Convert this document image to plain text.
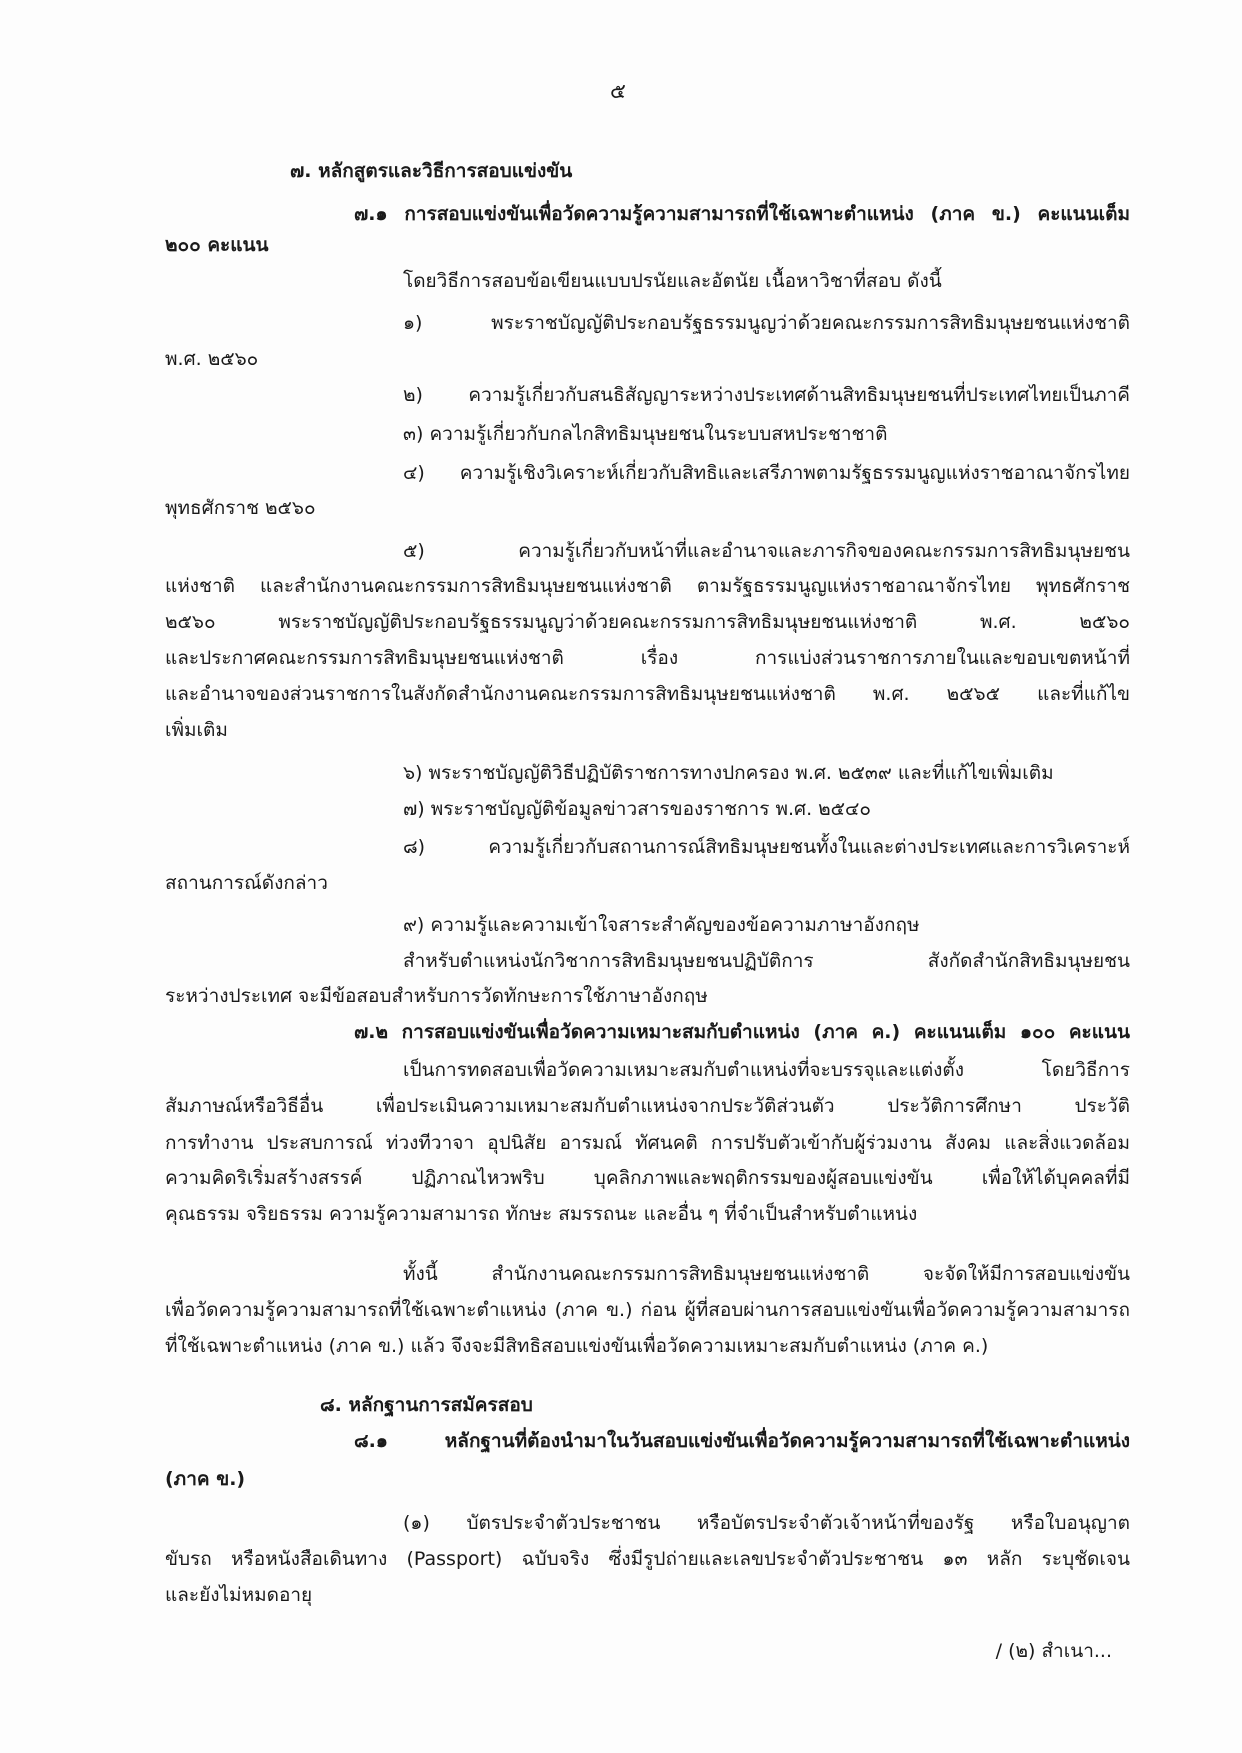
๕
๗. หลักสูตรและวิธีการสอบแข่งขัน
๗.๑ การสอบแข่งขันเพื่อวัดความรู้ความสามารถที่ใช้เฉพาะตำแหน่ง (ภาค ข.) คะแนนเต็ม
๒๐๐ คะแนน
โดยวิธีการสอบข้อเขียนแบบปรนัยและอัตนัย เนื้อหาวิชาที่สอบ ดังนี้
๑) พระราชบัญญัติประกอบรัฐธรรมนูญว่าด้วยคณะกรรมการสิทธิมนุษยชนแห่งชาติ
พ.ศ. ๒๕๖๐
๒) ความรู้เกี่ยวกับสนธิสัญญาระหว่างประเทศด้านสิทธิมนุษยชนที่ประเทศไทยเป็นภาคี
๓) ความรู้เกี่ยวกับกลไกสิทธิมนุษยชนในระบบสหประชาชาติ
๔) ความรู้เชิงวิเคราะห์เกี่ยวกับสิทธิและเสรีภาพตามรัฐธรรมนูญแห่งราชอาณาจักรไทย
พุทธศักราช ๒๕๖๐
๕) ความรู้เกี่ยวกับหน้าที่และอำนาจและภารกิจของคณะกรรมการสิทธิมนุษยชน
แห่งชาติ และสำนักงานคณะกรรมการสิทธิมนุษยชนแห่งชาติ ตามรัฐธรรมนูญแห่งราชอาณาจักรไทย พุทธศักราช
๒๕๖๐ พระราชบัญญัติประกอบรัฐธรรมนูญว่าด้วยคณะกรรมการสิทธิมนุษยชนแห่งชาติ พ.ศ. ๒๕๖๐
และประกาศคณะกรรมการสิทธิมนุษยชนแห่งชาติ เรื่อง การแบ่งส่วนราชการภายในและขอบเขตหน้าที่
และอำนาจของส่วนราชการในสังกัดสำนักงานคณะกรรมการสิทธิมนุษยชนแห่งชาติ พ.ศ. ๒๕๖๕ และที่แก้ไข
เพิ่มเติม
๖) พระราชบัญญัติวิธีปฏิบัติราชการทางปกครอง พ.ศ. ๒๕๓๙ และที่แก้ไขเพิ่มเติม
๗) พระราชบัญญัติข้อมูลข่าวสารของราชการ พ.ศ. ๒๕๔๐
๘) ความรู้เกี่ยวกับสถานการณ์สิทธิมนุษยชนทั้งในและต่างประเทศและการวิเคราะห์
สถานการณ์ดังกล่าว
๙) ความรู้และความเข้าใจสาระสำคัญของข้อความภาษาอังกฤษ
สำหรับตำแหน่งนักวิชาการสิทธิมนุษยชนปฏิบัติการ สังกัดสำนักสิทธิมนุษยชน
ระหว่างประเทศ จะมีข้อสอบสำหรับการวัดทักษะการใช้ภาษาอังกฤษ
๗.๒ การสอบแข่งขันเพื่อวัดความเหมาะสมกับตำแหน่ง (ภาค ค.) คะแนนเต็ม ๑๐๐ คะแนน
เป็นการทดสอบเพื่อวัดความเหมาะสมกับตำแหน่งที่จะบรรจุและแต่งตั้ง โดยวิธีการ
สัมภาษณ์หรือวิธีอื่น เพื่อประเมินความเหมาะสมกับตำแหน่งจากประวัติส่วนตัว ประวัติการศึกษา ประวัติ
การทำงาน ประสบการณ์ ท่วงทีวาจา อุปนิสัย อารมณ์ ทัศนคติ การปรับตัวเข้ากับผู้ร่วมงาน สังคม และสิ่งแวดล้อม
ความคิดริเริ่มสร้างสรรค์ ปฏิภาณไหวพริบ บุคลิกภาพและพฤติกรรมของผู้สอบแข่งขัน เพื่อให้ได้บุคคลที่มี
คุณธรรม จริยธรรม ความรู้ความสามารถ ทักษะ สมรรถนะ และอื่น ๆ ที่จำเป็นสำหรับตำแหน่ง
ทั้งนี้ สำนักงานคณะกรรมการสิทธิมนุษยชนแห่งชาติ จะจัดให้มีการสอบแข่งขัน
เพื่อวัดความรู้ความสามารถที่ใช้เฉพาะตำแหน่ง (ภาค ข.) ก่อน ผู้ที่สอบผ่านการสอบแข่งขันเพื่อวัดความรู้ความสามารถ
ที่ใช้เฉพาะตำแหน่ง (ภาค ข.) แล้ว จึงจะมีสิทธิสอบแข่งขันเพื่อวัดความเหมาะสมกับตำแหน่ง (ภาค ค.)
๘. หลักฐานการสมัครสอบ
๘.๑ หลักฐานที่ต้องนำมาในวันสอบแข่งขันเพื่อวัดความรู้ความสามารถที่ใช้เฉพาะตำแหน่ง
(ภาค ข.)
(๑) บัตรประจำตัวประชาชน หรือบัตรประจำตัวเจ้าหน้าที่ของรัฐ หรือใบอนุญาต
ขับรถ หรือหนังสือเดินทาง (Passport) ฉบับจริง ซึ่งมีรูปถ่ายและเลขประจำตัวประชาชน ๑๓ หลัก ระบุชัดเจน
และยังไม่หมดอายุ
/ (๒) สำเนา...
